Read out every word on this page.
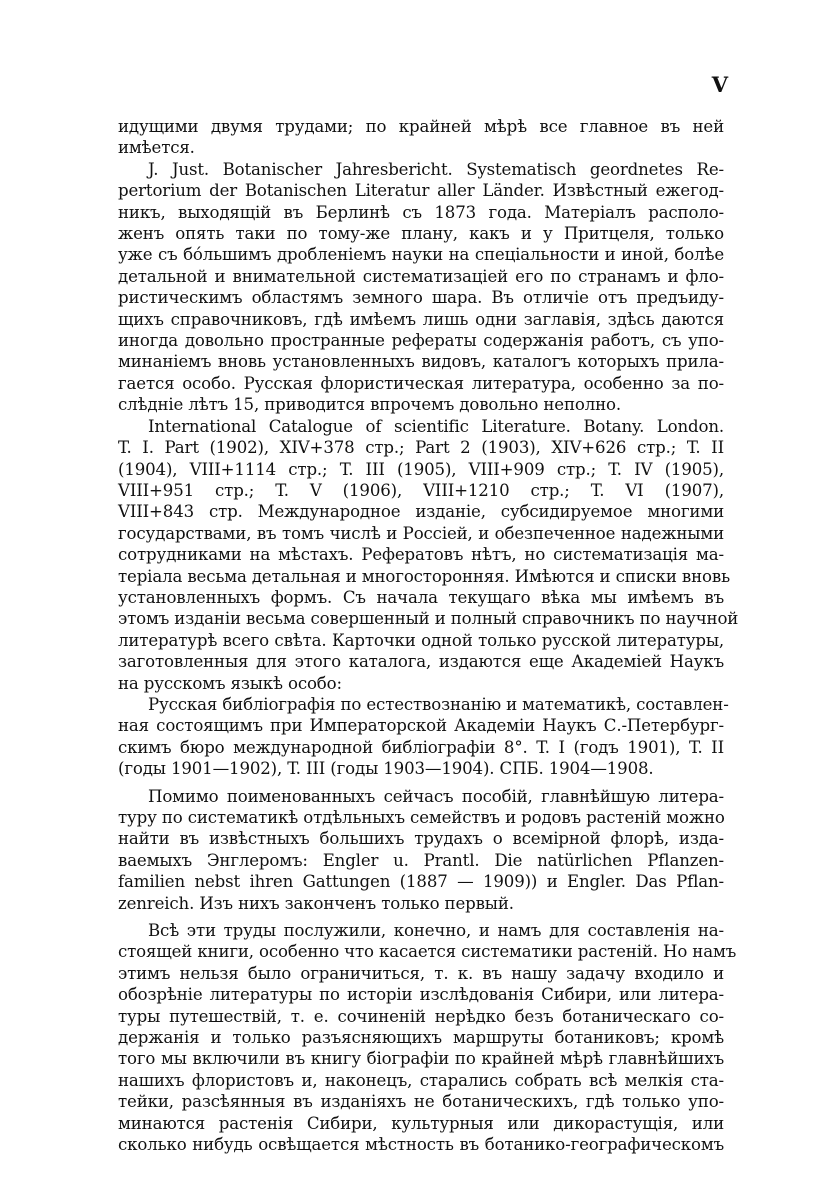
V
идущими двумя трудами; по крайней мѣрѣ все главное въ ней
имѣется.
J. Just. Botanischer Jahresbericht. Systematisch geordnetes Re-
pertorium der Botanischen Literatur aller Länder. Извѣстный ежегод-
никъ, выходящій въ Берлинѣ съ 1873 года. Матеріалъ располо-
женъ опять таки по тому-же плану, какъ и у Притцеля, только
уже съ бо́льшимъ дробленіемъ науки на спеціальности и иной, болѣе
детальной и внимательной систематизаціей его по странамъ и фло-
ристическимъ областямъ земного шара. Въ отличіе отъ предъиду-
щихъ справочниковъ, гдѣ имѣемъ лишь одни заглавія, здѣсь даются
иногда довольно пространные рефераты содержанія работъ, съ упо-
минаніемъ вновь установленныхъ видовъ, каталогъ которыхъ прила-
гается особо. Русская флористическая литература, особенно за по-
слѣдніе лѣтъ 15, приводится впрочемъ довольно неполно.
International Catalogue of scientific Literature. Botany. London.
T. I. Part (1902), XIV+378 стр.; Part 2 (1903), XIV+626 стр.; T. II
(1904), VIII+1114 стр.; T. III (1905), VIII+909 стр.; T. IV (1905),
VIII+951 стр.; T. V (1906), VIII+1210 стр.; T. VI (1907),
VIII+843 стр. Международное изданіе, субсидируемое многими
государствами, въ томъ числѣ и Россіей, и обезпеченное надежными
сотрудниками на мѣстахъ. Рефератовъ нѣтъ, но систематизація ма-
теріала весьма детальная и многосторонняя. Имѣются и списки вновь
установленныхъ формъ. Съ начала текущаго вѣка мы имѣемъ въ
этомъ изданіи весьма совершенный и полный справочникъ по научной
литературѣ всего свѣта. Карточки одной только русской литературы,
заготовленныя для этого каталога, издаются еще Академіей Наукъ
на русскомъ языкѣ особо:
Русская библіографія по естествознанію и математикѣ, составлен-
ная состоящимъ при Императорской Академіи Наукъ С.-Петербург-
скимъ бюро международной библіографіи 8°. T. I (годъ 1901), T. II
(годы 1901—1902), T. III (годы 1903—1904). СПБ. 1904—1908.
Помимо поименованныхъ сейчасъ пособій, главнѣйшую литера-
туру по систематикѣ отдѣльныхъ семействъ и родовъ растеній можно
найти въ извѣстныхъ большихъ трудахъ о всемірной флорѣ, изда-
ваемыхъ Энглеромъ: Engler u. Prantl. Die natürlichen Pflanzen-
familien nebst ihren Gattungen (1887 — 1909)) и Engler. Das Pflan-
zenreich. Изъ нихъ законченъ только первый.
Всѣ эти труды послужили, конечно, и намъ для составленія на-
стоящей книги, особенно что касается систематики растеній. Но намъ
этимъ нельзя было ограничиться, т. к. въ нашу задачу входило и
обозрѣніе литературы по исторіи изслѣдованія Сибири, или литера-
туры путешествій, т. е. сочиненій нерѣдко безъ ботаническаго со-
держанія и только разъясняющихъ маршруты ботаниковъ; кромѣ
того мы включили въ книгу біографіи по крайней мѣрѣ главнѣйшихъ
нашихъ флористовъ и, наконецъ, старались собрать всѣ мелкія ста-
тейки, разсѣянныя въ изданіяхъ не ботаническихъ, гдѣ только упо-
минаются растенія Сибири, культурныя или дикорастущія, или
сколько нибудь освѣщается мѣстность въ ботанико-географическомъ
